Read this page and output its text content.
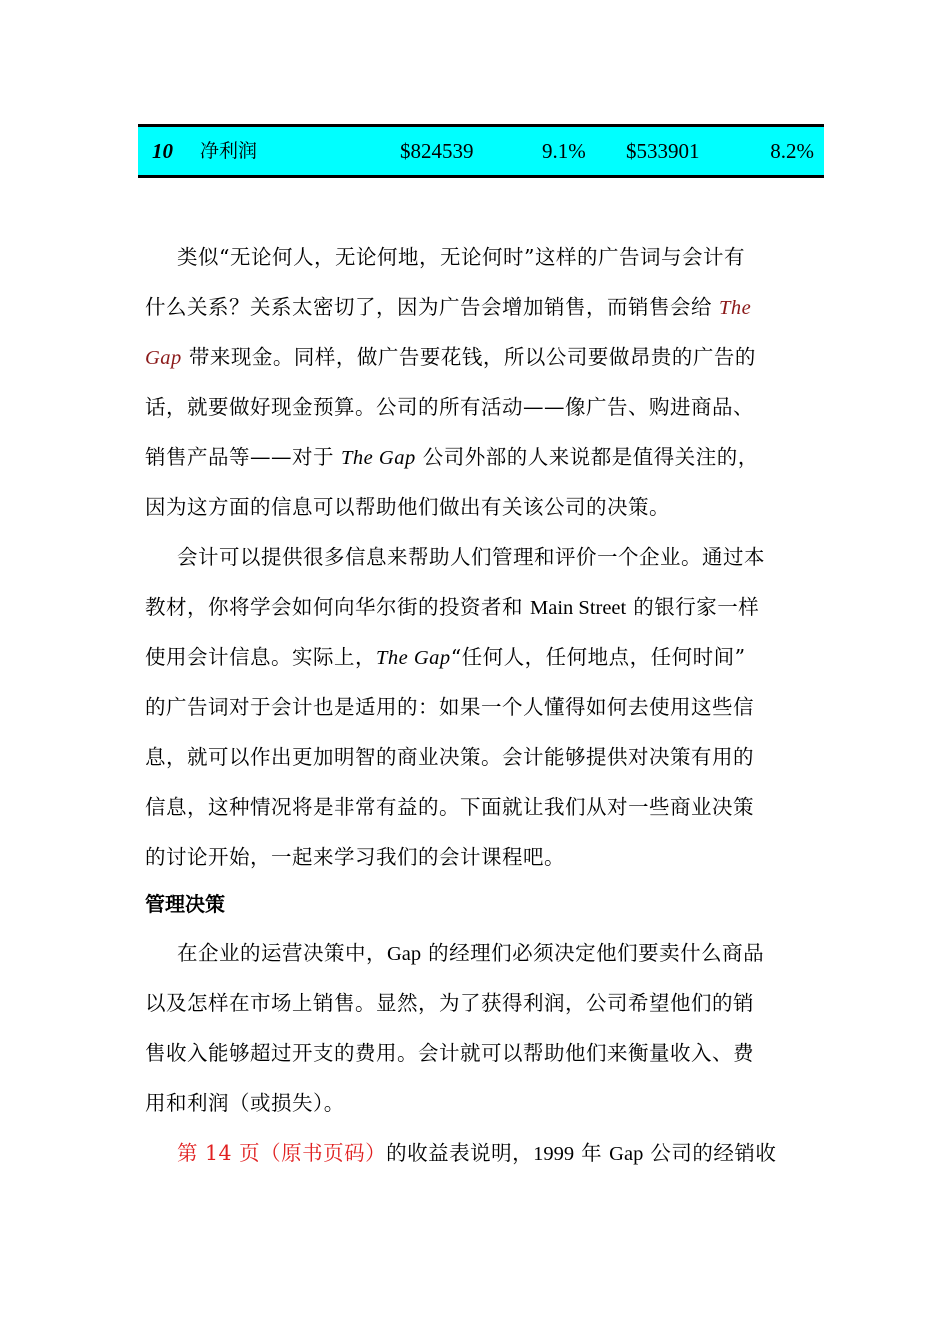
10 净利润	$824539	9.1% $533901	8.2%
类似“无论何人，无论何地，无论何时”这样的广告词与会计有
什么关系？关系太密切了，因为广告会增加销售，而销售会给 The
Gap 带来现金。同样，做广告要花钱，所以公司要做昂贵的广告的
话，就要做好现金预算。公司的所有活动——像广告、购进商品、
销售产品等——对于 The Gap 公司外部的人来说都是值得关注的，
因为这方面的信息可以帮助他们做出有关该公司的决策。
会计可以提供很多信息来帮助人们管理和评价一个企业。通过本
教材，你将学会如何向华尔街的投资者和 Main Street 的银行家一样
使用会计信息。实际上，The Gap“任何人，任何地点，任何时间”
的广告词对于会计也是适用的：如果一个人懂得如何去使用这些信
息，就可以作出更加明智的商业决策。会计能够提供对决策有用的
信息，这种情况将是非常有益的。下面就让我们从对一些商业决策
的讨论开始，一起来学习我们的会计课程吧。
管理决策
在企业的运营决策中，Gap 的经理们必须决定他们要卖什么商品
以及怎样在市场上销售。显然，为了获得利润，公司希望他们的销
售收入能够超过开支的费用。会计就可以帮助他们来衡量收入、费
用和利润（或损失）。
第 14 页（原书页码）的收益表说明，1999 年 Gap 公司的经销收
